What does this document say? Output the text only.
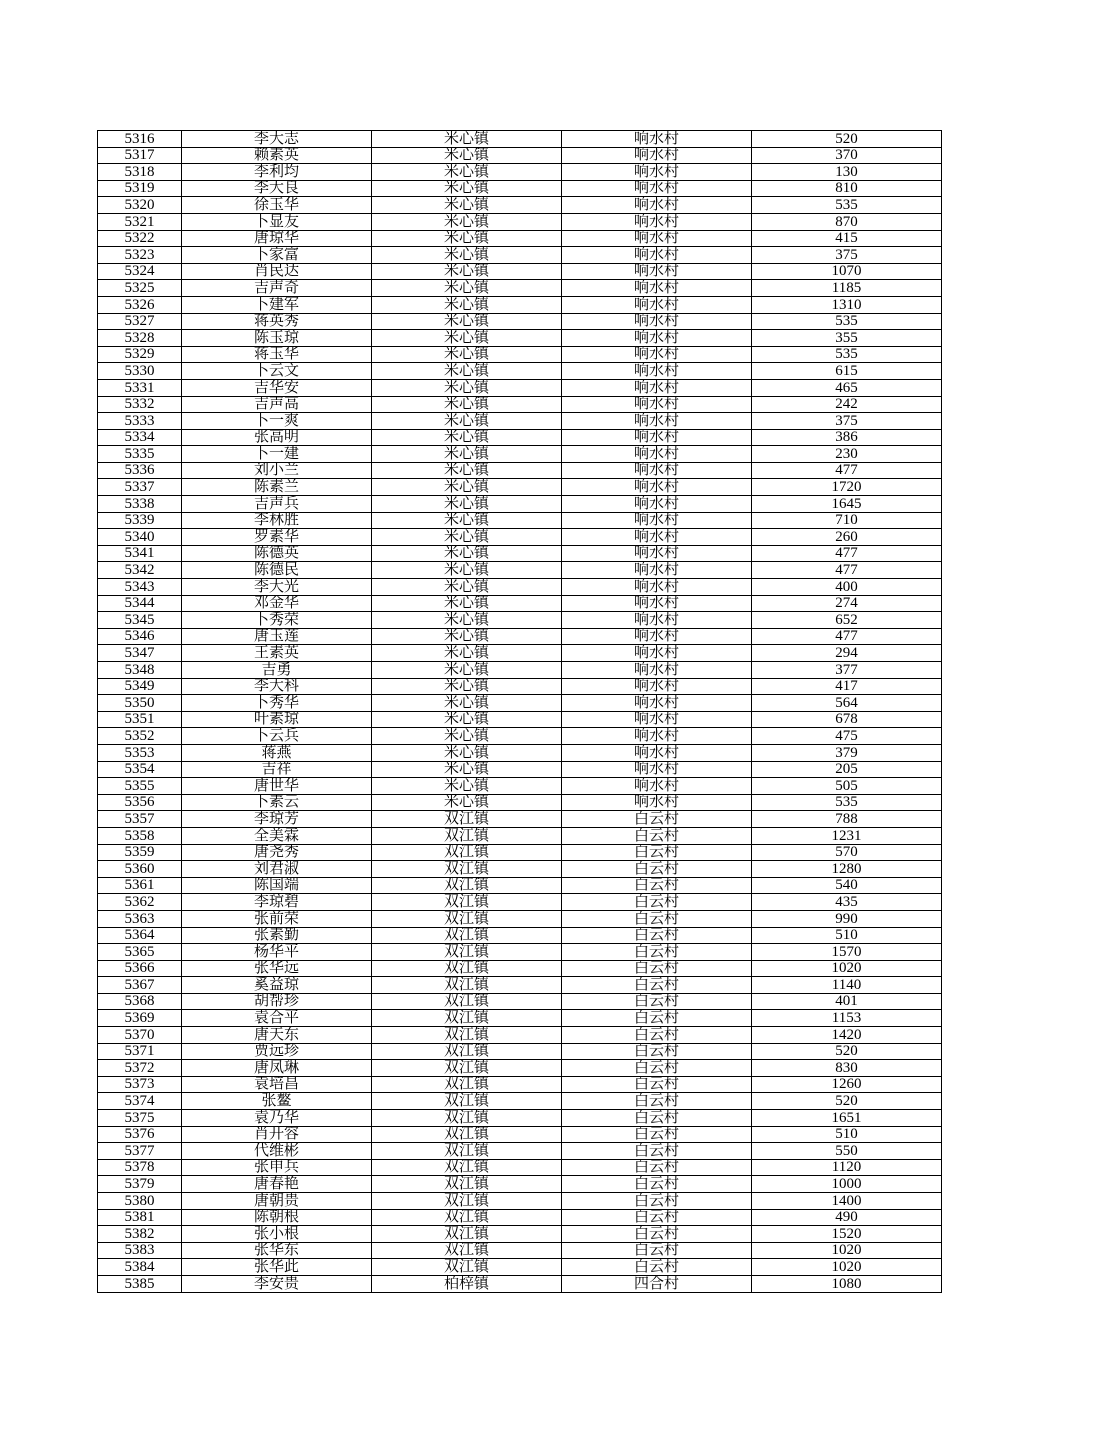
5316	李大志	米心镇	响水村	520
5317	赖素英	米心镇	响水村	370
5318	李利均	米心镇	响水村	130
5319	李大良	米心镇	响水村	810
5320	徐玉华	米心镇	响水村	535
5321	卜显友	米心镇	响水村	870
5322	唐琼华	米心镇	响水村	415
5323	卜家富	米心镇	响水村	375
5324	肖民达	米心镇	响水村	1070
5325	吉声奇	米心镇	响水村	1185
5326	卜建军	米心镇	响水村	1310
5327	蒋英秀	米心镇	响水村	535
5328	陈玉琼	米心镇	响水村	355
5329	蒋玉华	米心镇	响水村	535
5330	卜云文	米心镇	响水村	615
5331	吉华安	米心镇	响水村	465
5332	吉声高	米心镇	响水村	242
5333	卜一爽	米心镇	响水村	375
5334	张高明	米心镇	响水村	386
5335	卜一建	米心镇	响水村	230
5336	刘小兰	米心镇	响水村	477
5337	陈素兰	米心镇	响水村	1720
5338	吉声兵	米心镇	响水村	1645
5339	李林胜	米心镇	响水村	710
5340	罗素华	米心镇	响水村	260
5341	陈德英	米心镇	响水村	477
5342	陈德民	米心镇	响水村	477
5343	李大光	米心镇	响水村	400
5344	邓金华	米心镇	响水村	274
5345	卜秀荣	米心镇	响水村	652
5346	唐玉莲	米心镇	响水村	477
5347	王素英	米心镇	响水村	294
5348	吉勇	米心镇	响水村	377
5349	李大科	米心镇	响水村	417
5350	卜秀华	米心镇	响水村	564
5351	叶素琼	米心镇	响水村	678
5352	卜云兵	米心镇	响水村	475
5353	蒋燕	米心镇	响水村	379
5354	吉祥	米心镇	响水村	205
5355	唐世华	米心镇	响水村	505
5356	卜素云	米心镇	响水村	535
5357	李琼芳	双江镇	白云村	788
5358	全美霖	双江镇	白云村	1231
5359	唐尧秀	双江镇	白云村	570
5360	刘君淑	双江镇	白云村	1280
5361	陈国端	双江镇	白云村	540
5362	李琼碧	双江镇	白云村	435
5363	张前荣	双江镇	白云村	990
5364	张素勤	双江镇	白云村	510
5365	杨华平	双江镇	白云村	1570
5366	张华远	双江镇	白云村	1020
5367	奚益琼	双江镇	白云村	1140
5368	胡帮珍	双江镇	白云村	401
5369	袁合平	双江镇	白云村	1153
5370	唐天东	双江镇	白云村	1420
5371	贾远珍	双江镇	白云村	520
5372	唐凤琳	双江镇	白云村	830
5373	袁培昌	双江镇	白云村	1260
5374	张鳌	双江镇	白云村	520
5375	袁乃华	双江镇	白云村	1651
5376	肖开容	双江镇	白云村	510
5377	代维彬	双江镇	白云村	550
5378	张申兵	双江镇	白云村	1120
5379	唐春艳	双江镇	白云村	1000
5380	唐朝贵	双江镇	白云村	1400
5381	陈朝根	双江镇	白云村	490
5382	张小根	双江镇	白云村	1520
5383	张华东	双江镇	白云村	1020
5384	张华此	双江镇	白云村	1020
5385	李安贵	柏梓镇	四合村	1080
